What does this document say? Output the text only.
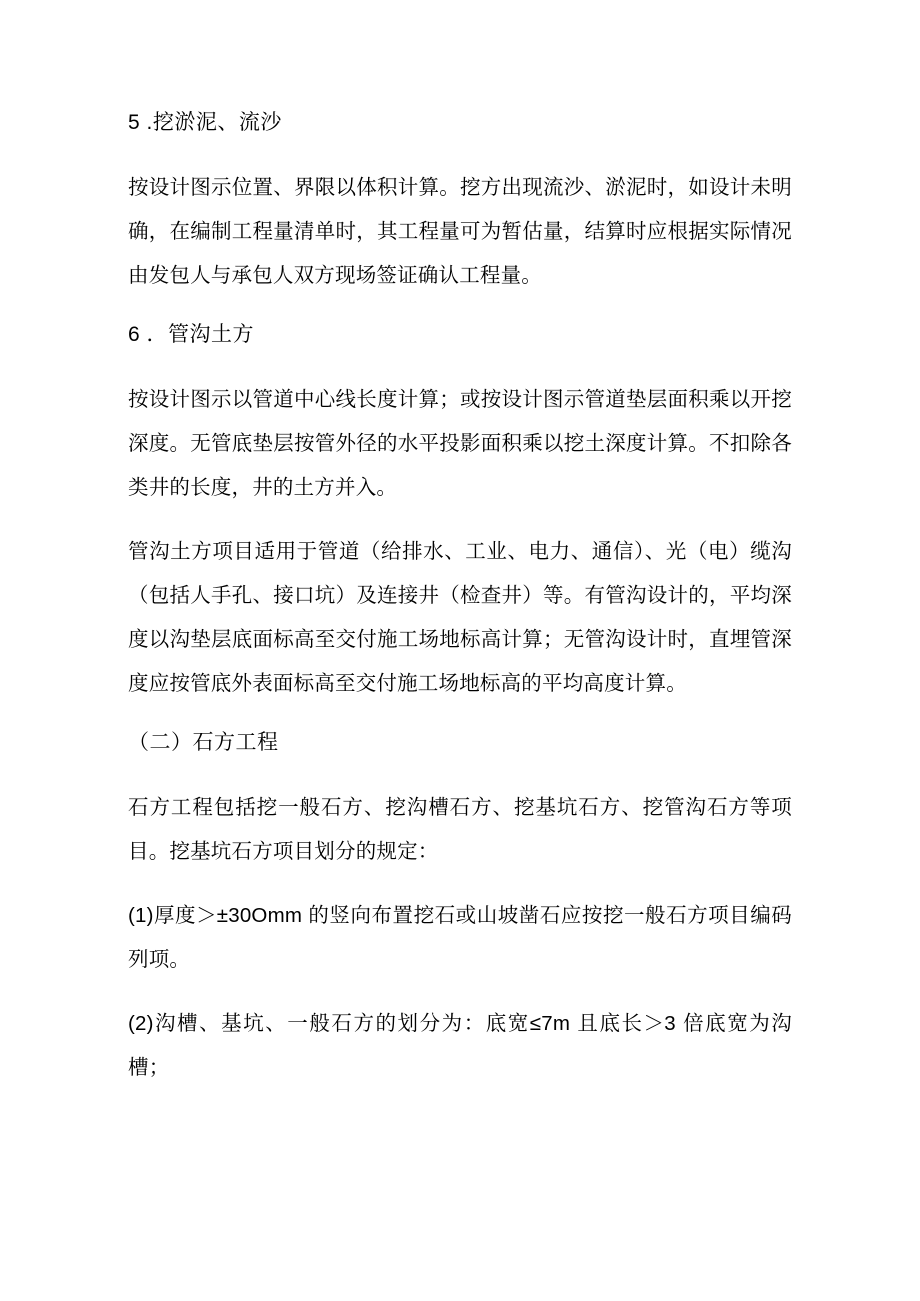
5 .挖淤泥、流沙
按设计图示位置、界限以体积计算。挖方出现流沙、淤泥时，如设计未明确，在编制工程量清单时，其工程量可为暂估量，结算时应根据实际情况由发包人与承包人双方现场签证确认工程量。
6 ．管沟土方
按设计图示以管道中心线长度计算；或按设计图示管道垫层面积乘以开挖深度。无管底垫层按管外径的水平投影面积乘以挖土深度计算。不扣除各类井的长度，井的土方并入。
管沟土方项目适用于管道（给排水、工业、电力、通信）、光（电）缆沟（包括人手孔、接口坑）及连接井（检查井）等。有管沟设计的，平均深度以沟垫层底面标高至交付施工场地标高计算；无管沟设计时，直埋管深度应按管底外表面标高至交付施工场地标高的平均高度计算。
（二）石方工程
石方工程包括挖一般石方、挖沟槽石方、挖基坑石方、挖管沟石方等项目。挖基坑石方项目划分的规定：
(1)厚度＞±30Omm 的竖向布置挖石或山坡凿石应按挖一般石方项目编码列项。
(2)沟槽、基坑、一般石方的划分为：底宽≤7m 且底长＞3 倍底宽为沟槽；
